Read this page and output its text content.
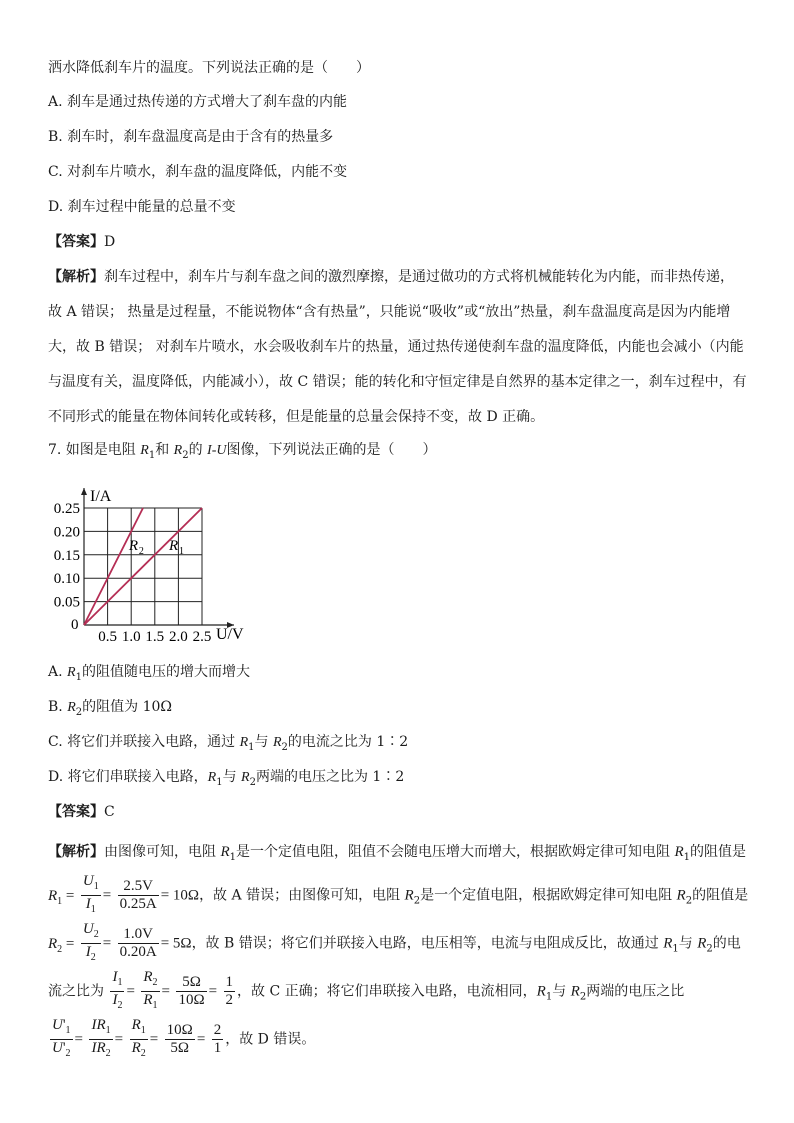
洒水降低刹车片的温度。下列说法正确的是（　　）
A. 刹车是通过热传递的方式增大了刹车盘的内能
B. 刹车时，刹车盘温度高是由于含有的热量多
C. 对刹车片喷水，刹车盘的温度降低，内能不变
D. 刹车过程中能量的总量不变
【答案】D
【解析】刹车过程中，刹车片与刹车盘之间的激烈摩擦，是通过做功的方式将机械能转化为内能，而非热传递，
故 A 错误； 热量是过程量，不能说物体“含有热量”，只能说“吸收”或“放出”热量，刹车盘温度高是因为内能增
大，故 B 错误； 对刹车片喷水，水会吸收刹车片的热量，通过热传递使刹车盘的温度降低，内能也会减小（内能
与温度有关，温度降低，内能减小），故 C 错误；能的转化和守恒定律是自然界的基本定律之一，刹车过程中，有
不同形式的能量在物体间转化或转移，但是能量的总量会保持不变，故 D 正确。
7. 如图是电阻 $R_1$和 $R_2$的 I-U图像，下列说法正确的是（　　）
I/A
U/V
0
0.5 1.0 1.5 2.0 2.5
0.25
0.20
0.15
0.10
0.05
R 2 R 1
A. $R_1$的阻值随电压的增大而增大
B. $R_2$的阻值为 10Ω
C. 将它们并联接入电路，通过 $R_1$与 $R_2$的电流之比为 1∶2
D. 将它们串联接入电路，$R_1$与 $R_2$两端的电压之比为 1∶2
【答案】C
【解析】由图像可知，电阻 $R_1$是一个定值电阻，阻值不会随电压增大而增大，根据欧姆定律可知电阻 $R_1$的阻值是
$R_1 = \frac{U_1}{I_1} = \frac{2.5V}{0.25A} = 10\Omega$，故 A 错误；由图像可知，电阻 $R_2$是一个定值电阻，根据欧姆定律可知电阻 $R_2$的阻值是
$R_2 = \frac{U_2}{I_2} = \frac{1.0V}{0.20A} = 5\Omega$，故 B 错误；将它们并联接入电路，电压相等，电流与电阻成反比，故通过 $R_1$与 $R_2$的电
流之比为 $\frac{I_1}{I_2} = \frac{R_2}{R_1} = \frac{5\Omega}{10\Omega} = \frac{1}{2}$ ，故 C 正确；将它们串联接入电路，电流相同，$R_1$与 $R_2$两端的电压之比
$\frac{U'_1}{U'_2} = \frac{IR_1}{IR_2} = \frac{R_1}{R_2} = \frac{10\Omega}{5\Omega} = \frac{2}{1}$ ，故 D 错误。
